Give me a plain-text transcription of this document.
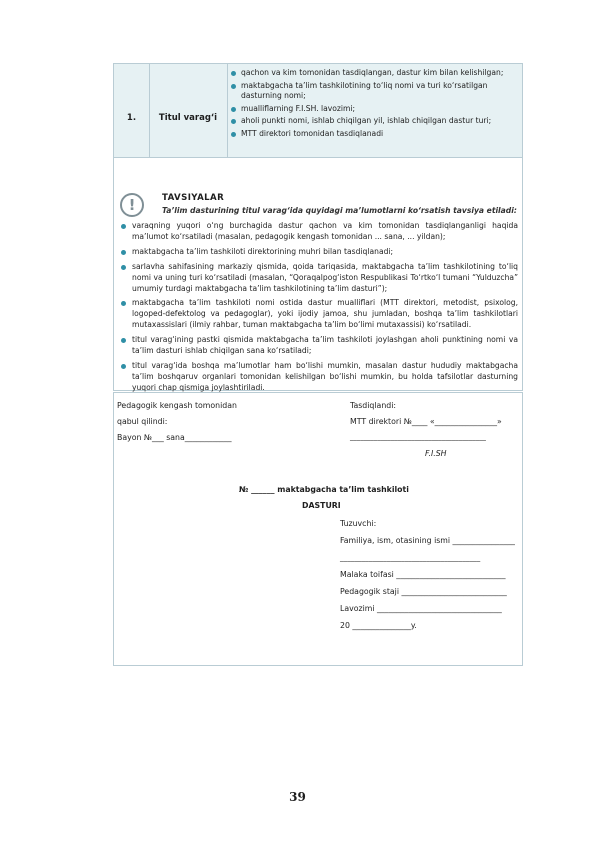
1.	Titul varag‘i
qachon va kim tomonidan tasdiqlangan, dastur kim bilan kelishilgan;
maktabgacha ta’lim tashkilotining to‘liq nomi va turi ko‘rsatilgan dasturning nomi;
mualliflarning F.I.SH. lavozimi;
aholi punkti nomi, ishlab chiqilgan yil, ishlab chiqilgan dastur turi;
MTT direktori tomonidan tasdiqlanadi
!	TAVSIYALAR
Ta’lim dasturining titul varag‘ida quyidagi ma’lumotlarni ko‘rsatish tavsiya etiladi:
varaqning yuqori o‘ng burchagida dastur qachon va kim tomonidan tasdiqlanganligi haqida ma’lumot ko‘rsatiladi (masalan, pedagogik kengash tomonidan ... sana, ... yildan);
maktabgacha ta’lim tashkiloti direktorining muhri bilan tasdiqlanadi;
sarlavha sahifasining markaziy qismida, qoida tariqasida, maktabgacha ta’lim tashkilotining to‘liq nomi va uning turi ko‘rsatiladi (masalan, “Qoraqalpog‘iston Respublikasi To‘rtko‘l tumani “Yulduzcha” umumiy turdagi maktabgacha ta’lim tashkilotining ta’lim dasturi”);
maktabgacha ta’lim tashkiloti nomi ostida dastur mualliflari (MTT direktori, metodist, psixolog, logoped-defektolog va pedagoglar), yoki ijodiy jamoa, shu jumladan, boshqa ta’lim tashkilotlari mutaxassislari (ilmiy rahbar, tuman maktabgacha ta’lim bo‘limi mutaxassisi) ko‘rsatiladi.
titul varag‘ining pastki qismida maktabgacha ta’lim tashkiloti joylashgan aholi punktining nomi va ta’lim dasturi ishlab chiqilgan sana ko‘rsatiladi;
titul varag‘ida boshqa ma’lumotlar ham bo‘lishi mumkin, masalan dastur hududiy maktabgacha ta’lim boshqaruv organlari tomonidan kelishilgan bo‘lishi mumkin, bu holda tafsilotlar dasturning yuqori chap qismiga joylashtiriladi.
Pedagogik kengash tomonidan
qabul qilindi:
Bayon №___ sana____________
Tasdiqlandi:
MTT direktori №____ «________________»
________________________________________
F.I.SH
№ ______ maktabgacha ta’lim tashkiloti
DASTURI
Tuzuvchi:
Familiya, ism, otasining ismi ________________
_______________________________________
Malaka toifasi ____________________________
Pedagogik staji ___________________________
Lavozimi ________________________________
20 _______________y.
39
